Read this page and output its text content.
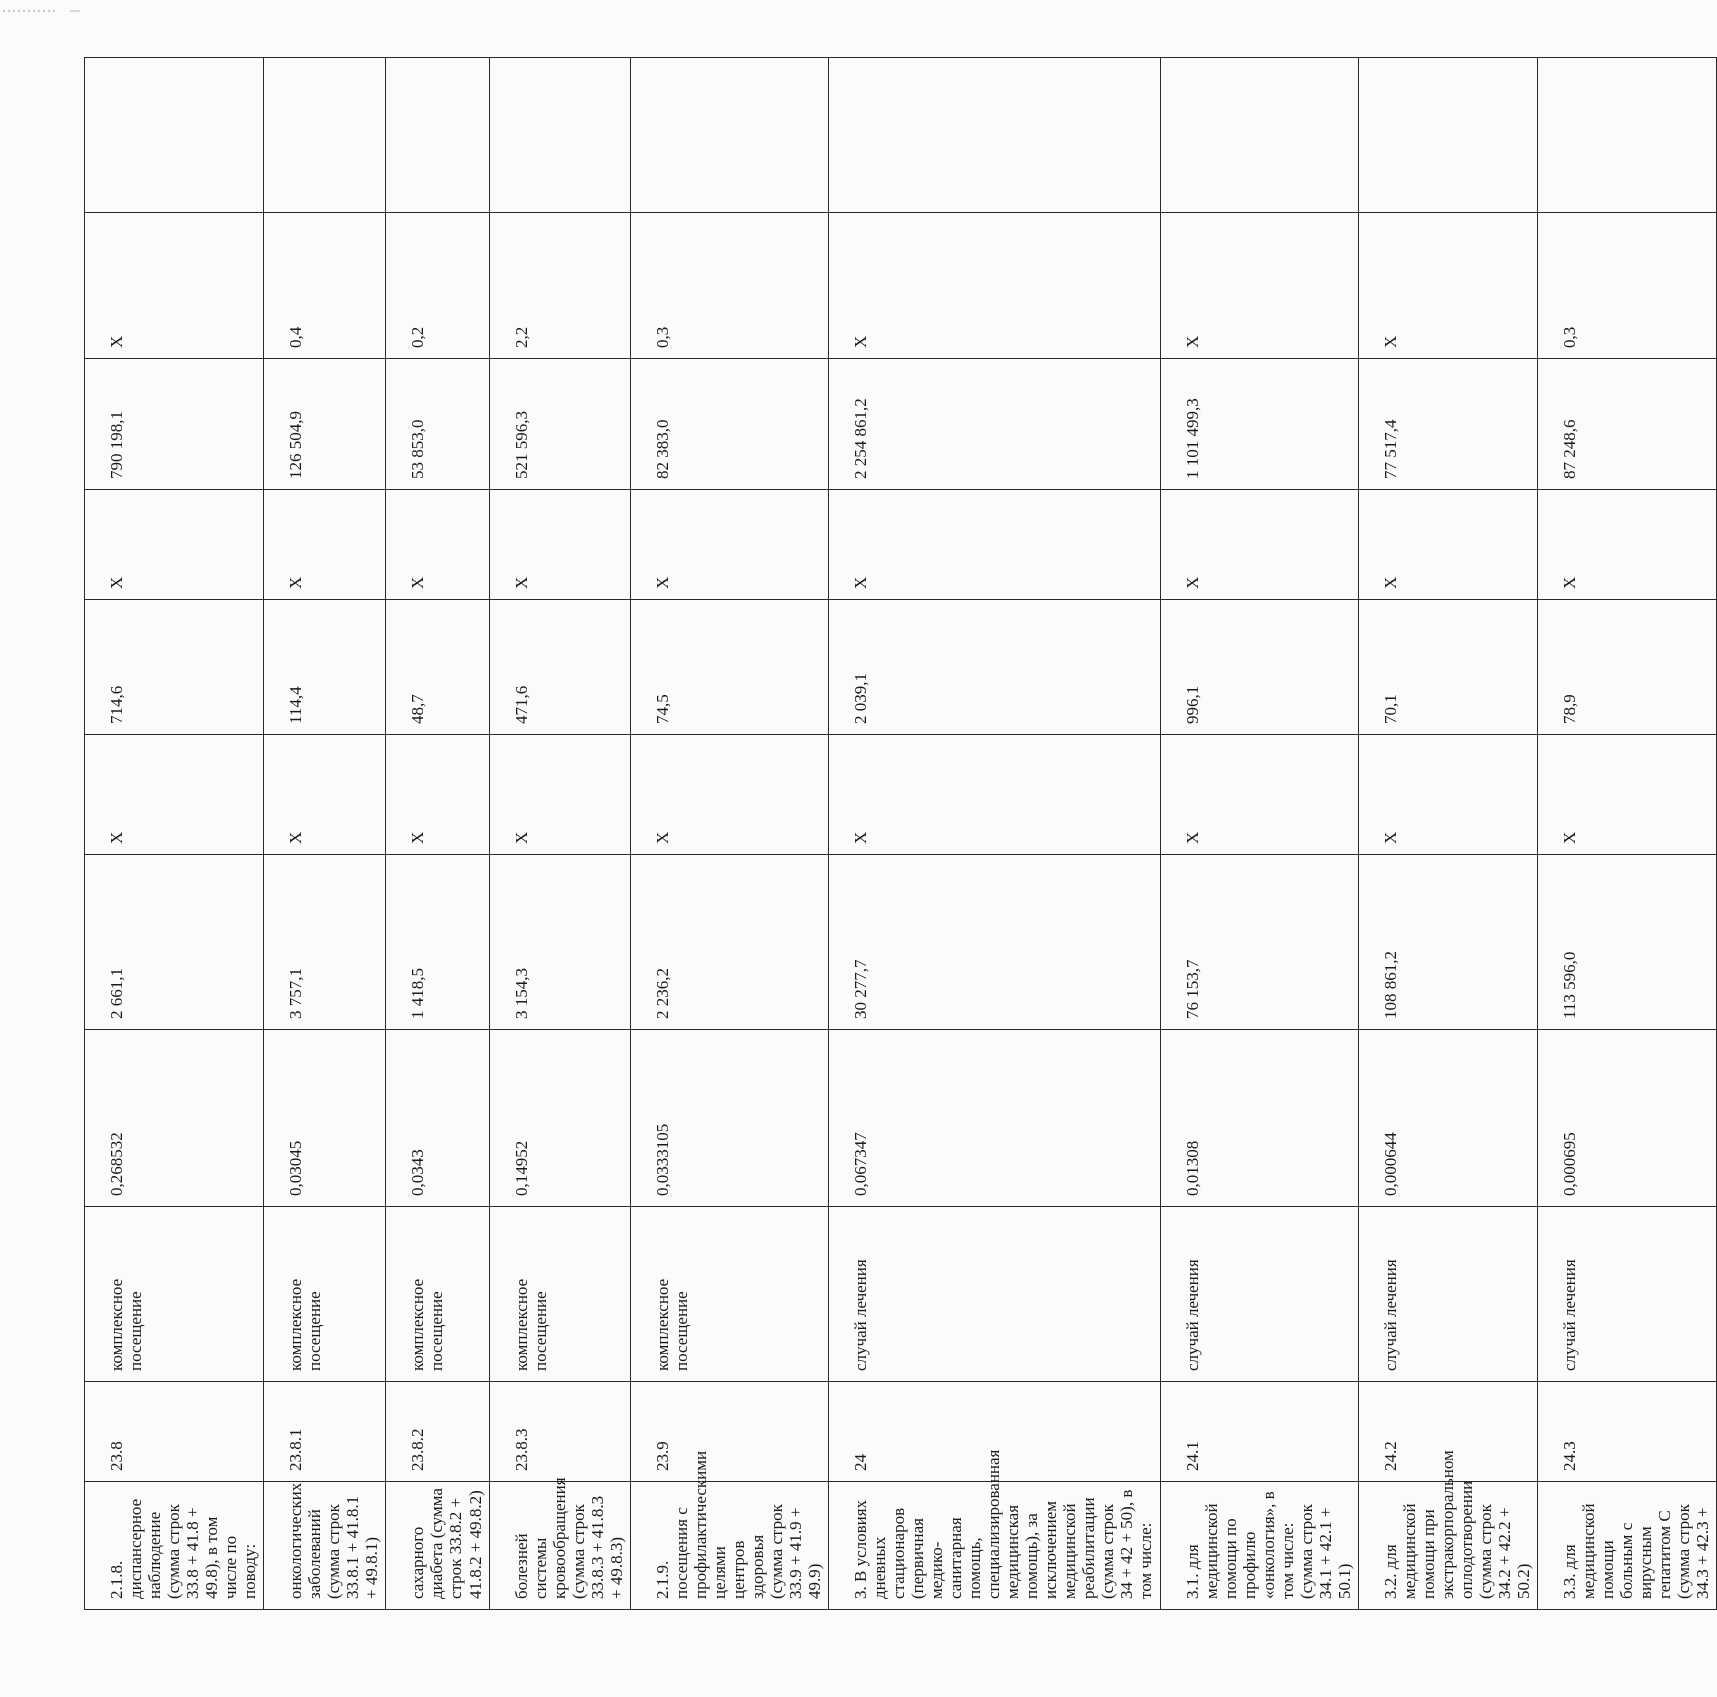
2.1.8. диспансерное наблюдение (сумма строк 33.8 + 41.8 + 49.8), в том числе по поводу:	23.8	комплексное посещение	0,268532	2 661,1	X	714,6	X	790 198,1	X	
онкологических заболеваний (сумма строк 33.8.1 + 41.8.1 + 49.8.1)	23.8.1	комплексное посещение	0,03045	3 757,1	X	114,4	X	126 504,9	0,4	
сахарного диабета (сумма строк 33.8.2 + 41.8.2 + 49.8.2)	23.8.2	комплексное посещение	0,0343	1 418,5	X	48,7	X	53 853,0	0,2	
болезней системы кровообращения (сумма строк 33.8.3 + 41.8.3 + 49.8.3)	23.8.3	комплексное посещение	0,14952	3 154,3	X	471,6	X	521 596,3	2,2	
2.1.9. посещения с профилактическими целями центров здоровья (сумма строк 33.9 + 41.9 + 49.9)	23.9	комплексное посещение	0,0333105	2 236,2	X	74,5	X	82 383,0	0,3	
3. В условиях дневных стационаров (первичная медико-санитарная помощь, специализированная медицинская помощь), за исключением медицинской реабилитации (сумма строк 34 + 42 + 50), в том числе:	24	случай лечения	0,067347	30 277,7	X	2 039,1	X	2 254 861,2	X	
3.1. для медицинской помощи по профилю «онкология», в том числе: (сумма строк 34.1 + 42.1 + 50.1)	24.1	случай лечения	0,01308	76 153,7	X	996,1	X	1 101 499,3	X	
3.2. для медицинской помощи при экстракорпоральном оплодотворении (сумма строк 34.2 + 42.2 + 50.2)	24.2	случай лечения	0,000644	108 861,2	X	70,1	X	77 517,4	X	
3.3. для медицинской помощи больным с вирусным гепатитом С (сумма строк 34.3 + 42.3 +	24.3	случай лечения	0,000695	113 596,0	X	78,9	X	87 248,6	0,3	
